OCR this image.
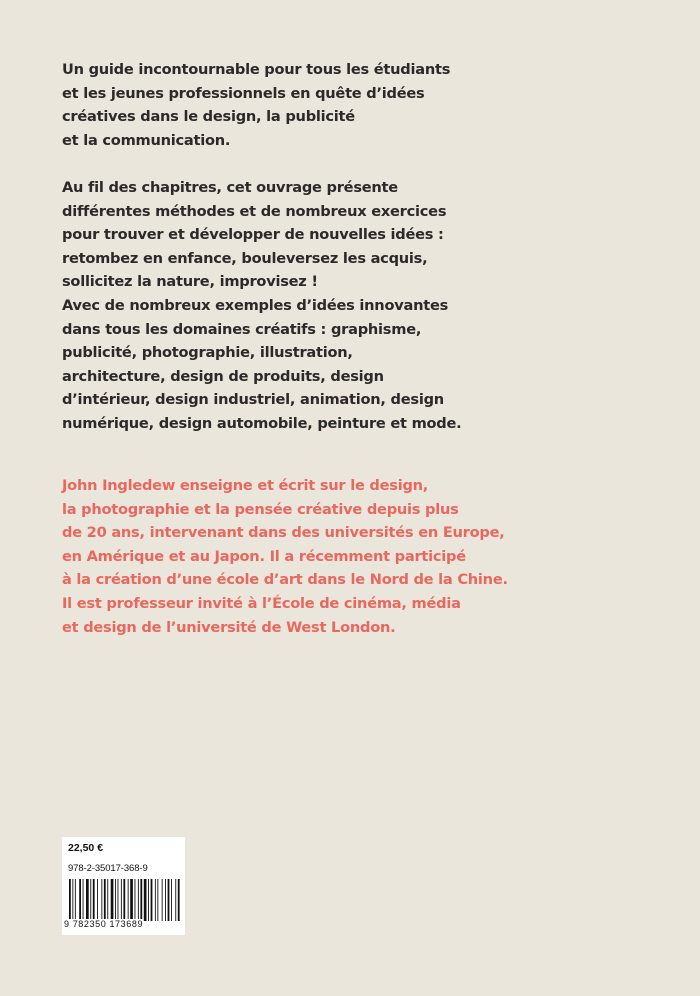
Un guide incontournable pour tous les étudiants
et les jeunes professionnels en quête d’idées
créatives dans le design, la publicité
et la communication.

Au fil des chapitres, cet ouvrage présente
différentes méthodes et de nombreux exercices
pour trouver et développer de nouvelles idées :
retombez en enfance, bouleversez les acquis,
sollicitez la nature, improvisez !

Avec de nombreux exemples d’idées innovantes
dans tous les domaines créatifs : graphisme,
publicité, photographie, illustration,
architecture, design de produits, design
d’intérieur, design industriel, animation, design
numérique, design automobile, peinture et mode.

John Ingledew enseigne et écrit sur le design,
la photographie et la pensée créative depuis plus
de 20 ans, intervenant dans des universités en Europe,
en Amérique et au Japon. Il a récemment participé
à la création d’une école d’art dans le Nord de la Chine.
Il est professeur invité à l’École de cinéma, média
et design de l’université de West London.

22,50 €
978-2-35017-368-9
9 782350 173689
